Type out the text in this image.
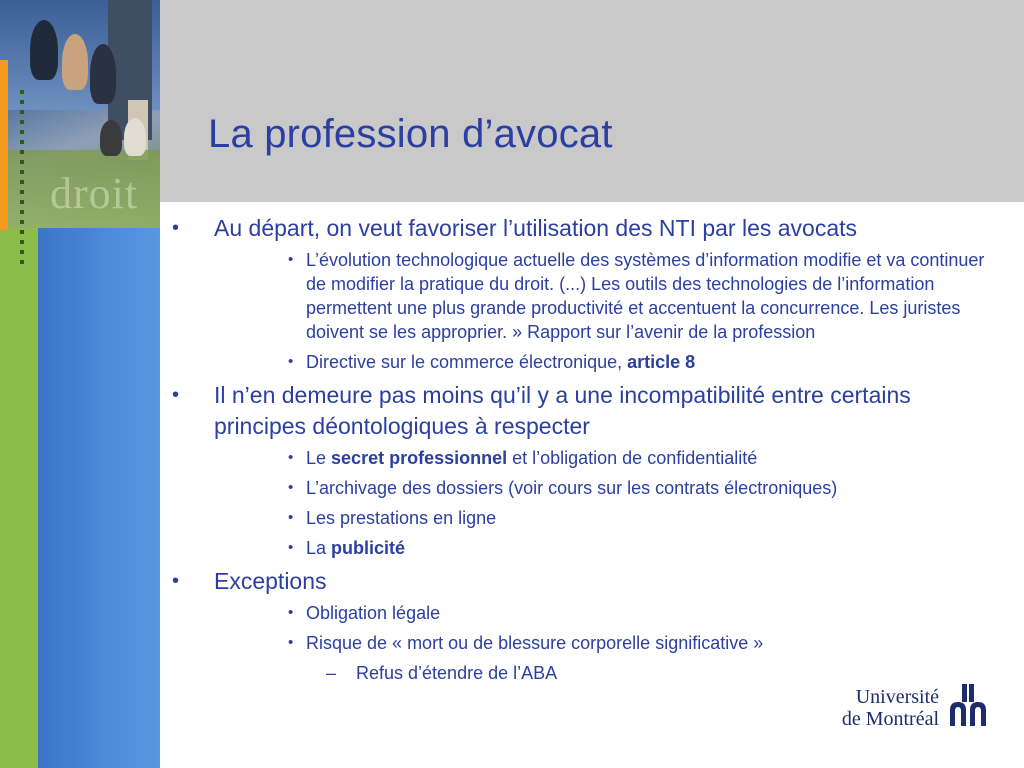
droit
La profession d’avocat
• Au départ, on veut favoriser l’utilisation des NTI par les avocats
• L’évolution technologique actuelle des systèmes d’information modifie et va continuer de modifier la pratique du droit. (...) Les outils des technologies de l’information permettent une plus grande productivité et accentuent la concurrence. Les juristes doivent se les approprier. » Rapport sur l’avenir de la profession
• Directive sur le commerce électronique, article 8
• Il n’en demeure pas moins qu’il y a une incompatibilité entre certains principes déontologiques à respecter
• Le secret professionnel et l’obligation de confidentialité
• L’archivage des dossiers (voir cours sur les contrats électroniques)
• Les prestations en ligne
• La publicité
• Exceptions
• Obligation légale
• Risque de « mort ou de blessure corporelle significative »
– Refus d’étendre de l’ABA
Université
de Montréal
